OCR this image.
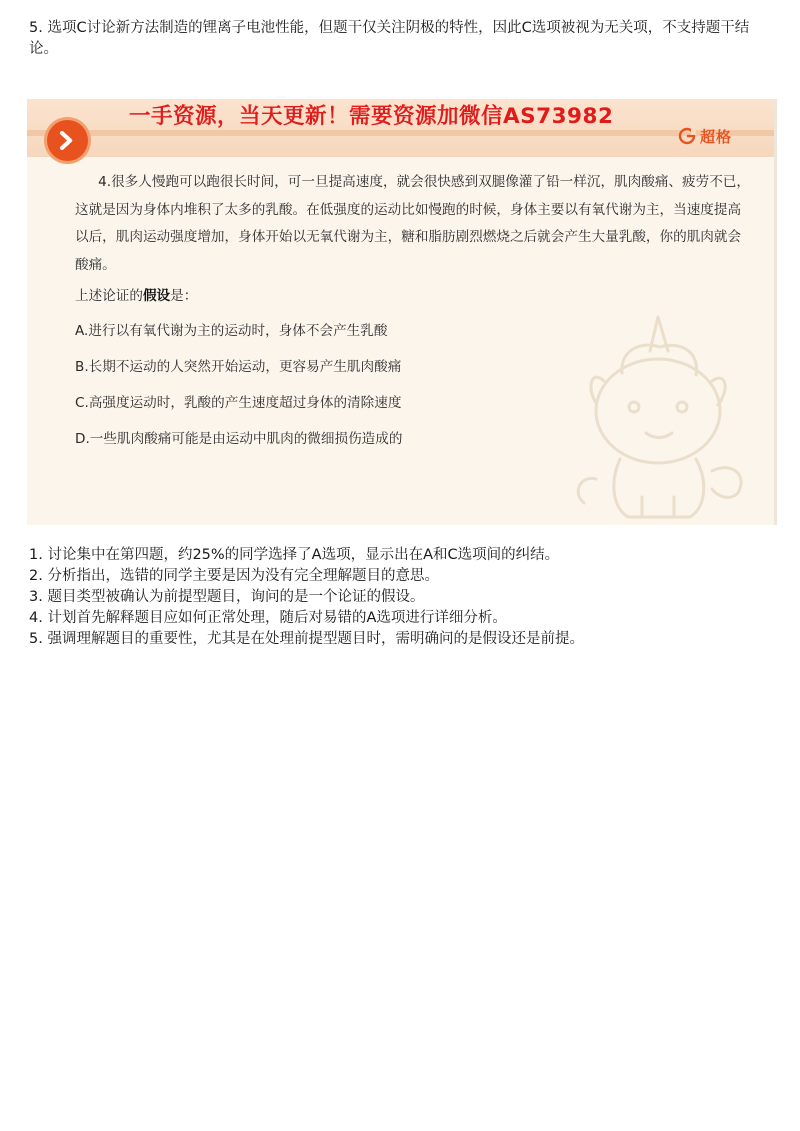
5. 选项C讨论新方法制造的锂离子电池性能，但题干仅关注阴极的特性，因此C选项被视为无关项，不支持题干结论。

一手资源，当天更新！需要资源加微信AS73982
超格

4.很多人慢跑可以跑很长时间，可一旦提高速度，就会很快感到双腿像灌了铅一样沉，肌肉酸痛、疲劳不已，这就是因为身体内堆积了太多的乳酸。在低强度的运动比如慢跑的时候，身体主要以有氧代谢为主，当速度提高以后，肌肉运动强度增加，身体开始以无氧代谢为主，糖和脂肪剧烈燃烧之后就会产生大量乳酸，你的肌肉就会酸痛。

上述论证的假设是：
A.进行以有氧代谢为主的运动时，身体不会产生乳酸
B.长期不运动的人突然开始运动，更容易产生肌肉酸痛
C.高强度运动时，乳酸的产生速度超过身体的清除速度
D.一些肌肉酸痛可能是由运动中肌肉的微细损伤造成的
1. 讨论集中在第四题，约25%的同学选择了A选项，显示出在A和C选项间的纠结。
2. 分析指出，选错的同学主要是因为没有完全理解题目的意思。
3. 题目类型被确认为前提型题目，询问的是一个论证的假设。
4. 计划首先解释题目应如何正常处理，随后对易错的A选项进行详细分析。
5. 强调理解题目的重要性，尤其是在处理前提型题目时，需明确问的是假设还是前提。
